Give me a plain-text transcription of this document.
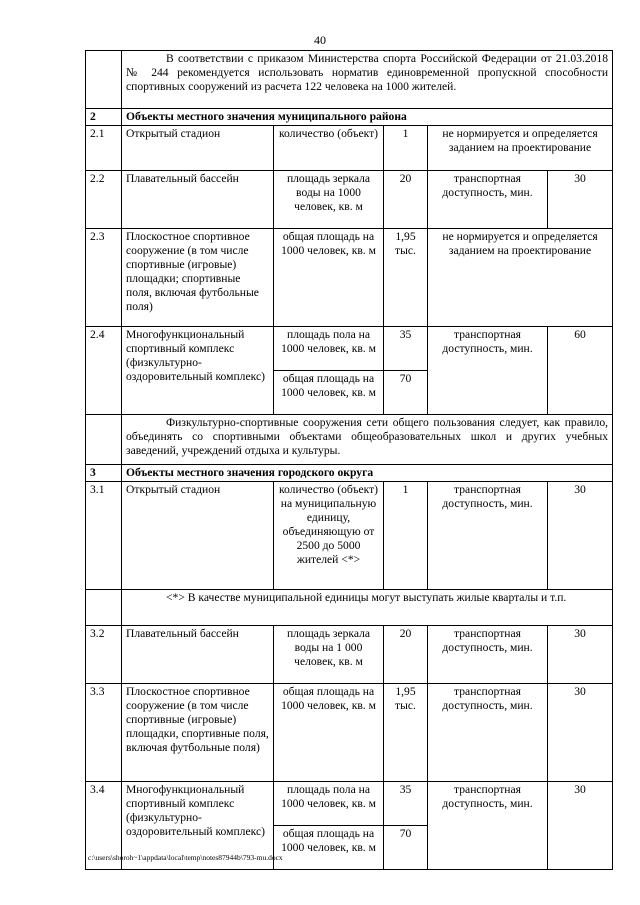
40
	В соответствии с приказом Министерства спорта Российской Федерации от 21.03.2018 № 244 рекомендуется использовать норматив единовременной пропускной способности спортивных сооружений из расчета 122 человека на 1000 жителей.				
2	Объекты местного значения муниципального района				
2.1	Открытый стадион	количество (объект)	1	не нормируется и определяется заданием на проектирование	
2.2	Плавательный бассейн	площадь зеркала воды на 1000 человек, кв. м	20	транспортная доступность, мин.	30
2.3	Плоскостное спортивное сооружение (в том числе спортивные (игровые) площадки; спортивные поля, включая футбольные поля)	общая площадь на 1000 человек, кв. м	1,95 тыс.	не нормируется и определяется заданием на проектирование	
2.4	Многофункциональный спортивный комплекс (физкультурно-оздоровительный комплекс)	площадь пола на 1000 человек, кв. м	35	транспортная доступность, мин.	60
		общая площадь на 1000 человек, кв. м	70		
	Физкультурно-спортивные сооружения сети общего пользования следует, как правило, объединять со спортивными объектами общеобразовательных школ и других учебных заведений, учреждений отдыха и культуры.				
3	Объекты местного значения городского округа				
3.1	Открытый стадион	количество (объект) на муниципальную единицу, объединяющую от 2500 до 5000 жителей <*>	1	транспортная доступность, мин.	30
	<*> В качестве муниципальной единицы могут выступать жилые кварталы и т.п.				
3.2	Плавательный бассейн	площадь зеркала воды на 1 000 человек, кв. м	20	транспортная доступность, мин.	30
3.3	Плоскостное спортивное сооружение (в том числе спортивные (игровые) площадки, спортивные поля, включая футбольные поля)	общая площадь на 1000 человек, кв. м	1,95 тыс.	транспортная доступность, мин.	30
3.4	Многофункциональный спортивный комплекс (физкультурно-оздоровительный комплекс)	площадь пола на 1000 человек, кв. м	35	транспортная доступность, мин.	30
		общая площадь на 1000 человек, кв. м	70		
c:\users\shoroh~1\appdata\local\temp\notes87944b\793-mu.docx
